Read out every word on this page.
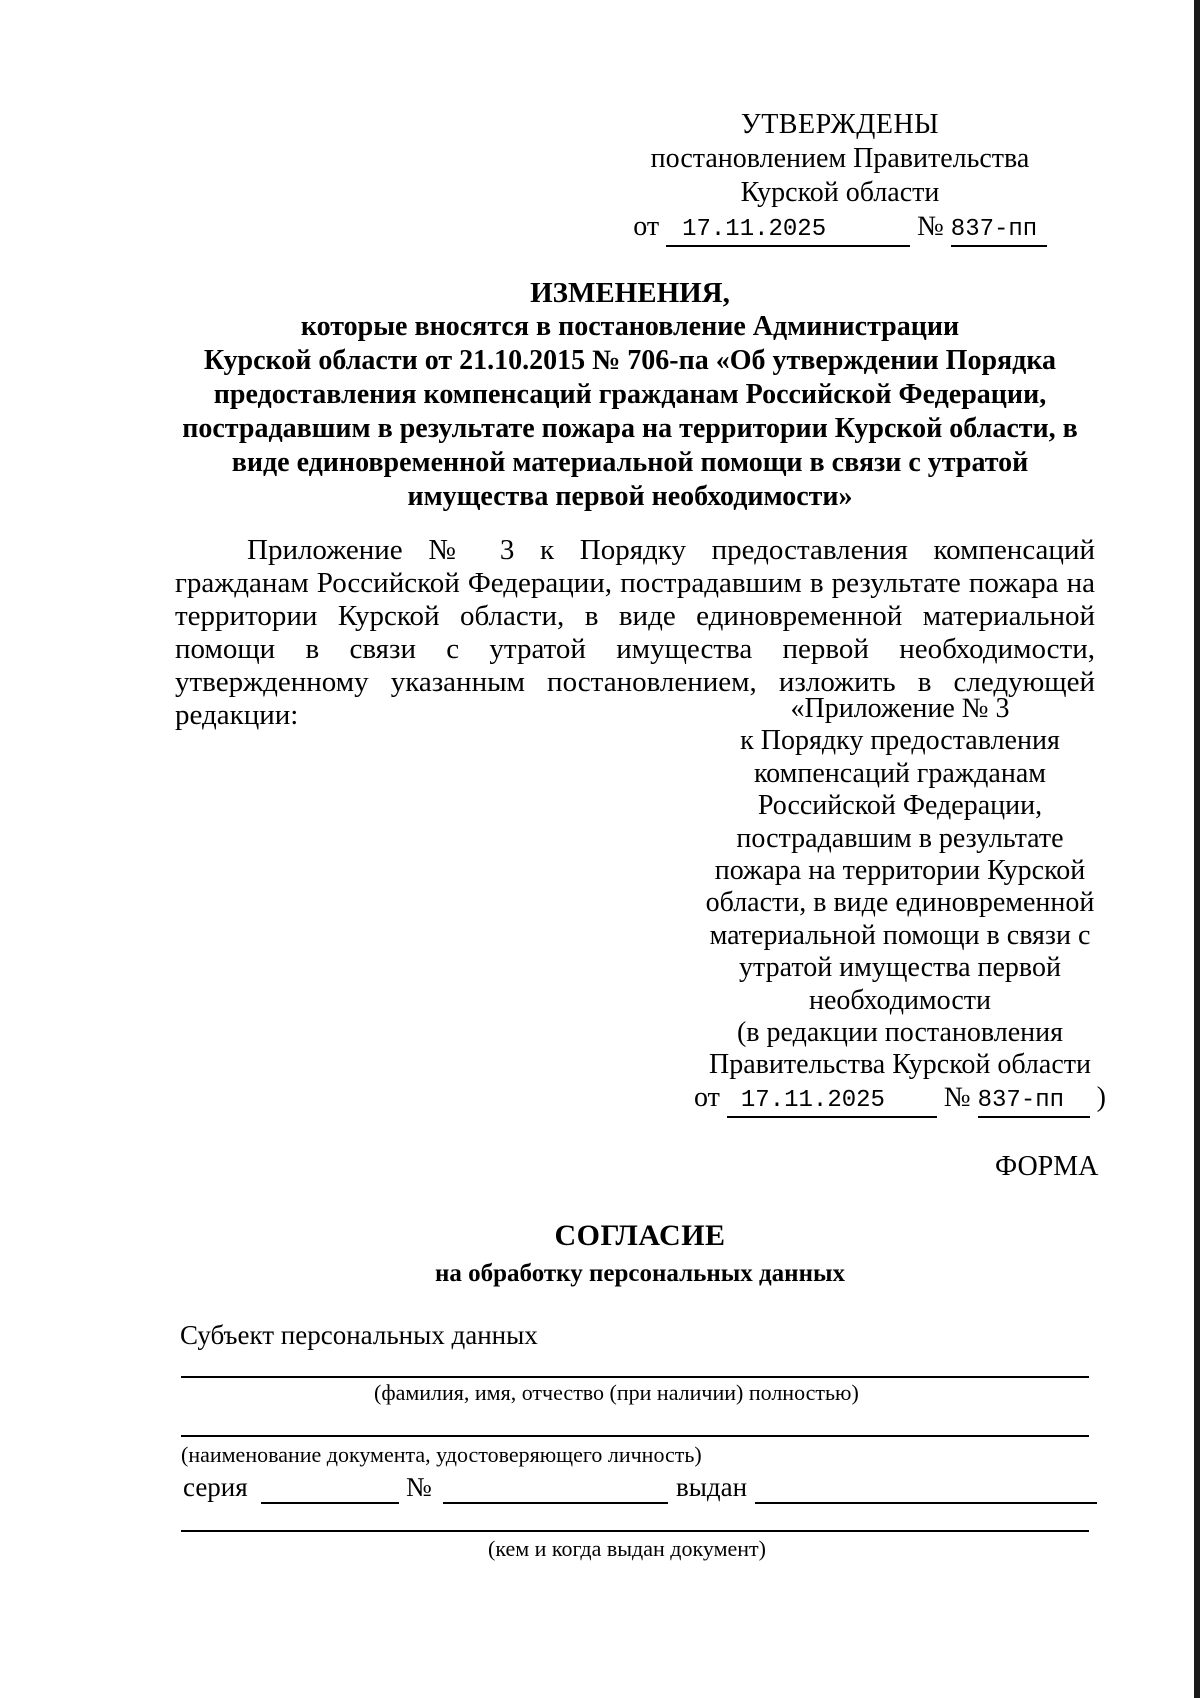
УТВЕРЖДЕНЫ
постановлением Правительства
Курской области
от 17.11.2025	№ 837-пп
ИЗМЕНЕНИЯ,
которые вносятся в постановление Администрации
Курской области от 21.10.2015 № 706-па «Об утверждении Порядка
предоставления компенсаций гражданам Российской Федерации,
пострадавшим в результате пожара на территории Курской области, в
виде единовременной материальной помощи в связи с утратой
имущества первой необходимости»

Приложение № 3 к Порядку предоставления компенсаций гражданам Российской Федерации, пострадавшим в результате пожара на территории Курской области, в виде единовременной материальной помощи в связи с утратой имущества первой необходимости, утвержденному указанным постановлением, изложить в следующей редакции:	«Приложение № 3
к Порядку предоставления
компенсаций гражданам
Российской Федерации,
пострадавшим в результате
пожара на территории Курской
области, в виде единовременной
материальной помощи в связи с
утратой имущества первой
необходимости
(в редакции постановления
Правительства Курской области
от 17.11.2025 № 837-пп )
ФОРМА
СОГЛАСИЕ
на обработку персональных данных
Субъект персональных данных
(фамилия, имя, отчество (при наличии) полностью)
(наименование документа, удостоверяющего личность)
серия	№	выдан
(кем и когда выдан документ)
